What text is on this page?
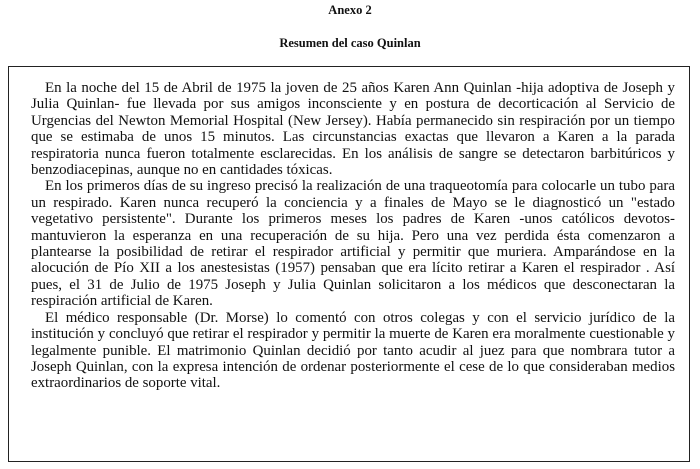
Anexo 2
Resumen del caso Quinlan

En la noche del 15 de Abril de 1975 la joven de 25 años Karen Ann Quinlan -hija adoptiva de Joseph y Julia Quinlan- fue llevada por sus amigos inconsciente y en postura de decorticación al Servicio de Urgencias del Newton Memorial Hospital (New Jersey). Había permanecido sin respiración por un tiempo que se estimaba de unos 15 minutos. Las circunstancias exactas que llevaron a Karen a la parada respiratoria nunca fueron totalmente esclarecidas. En los análisis de sangre se detectaron barbitúricos y benzodiacepinas, aunque no en cantidades tóxicas.

En los primeros días de su ingreso precisó la realización de una traqueotomía para colocarle un tubo para un respirado. Karen nunca recuperó la conciencia y a finales de Mayo se le diagnosticó un "estado vegetativo persistente". Durante los primeros meses los padres de Karen -unos católicos devotos- mantuvieron la esperanza en una recuperación de su hija. Pero una vez perdida ésta comenzaron a plantearse la posibilidad de retirar el respirador artificial y permitir que muriera. Amparándose en la alocución de Pío XII a los anestesistas (1957) pensaban que era lícito retirar a Karen el respirador . Así pues, el 31 de Julio de 1975 Joseph y Julia Quinlan solicitaron a los médicos que desconectaran la respiración artificial de Karen.

El médico responsable (Dr. Morse) lo comentó con otros colegas y con el servicio jurídico de la institución y concluyó que retirar el respirador y permitir la muerte de Karen era moralmente cuestionable y legalmente punible. El matrimonio Quinlan decidió por tanto acudir al juez para que nombrara tutor a Joseph Quinlan, con la expresa intención de ordenar posteriormente el cese de lo que consideraban medios extraordinarios de soporte vital.
